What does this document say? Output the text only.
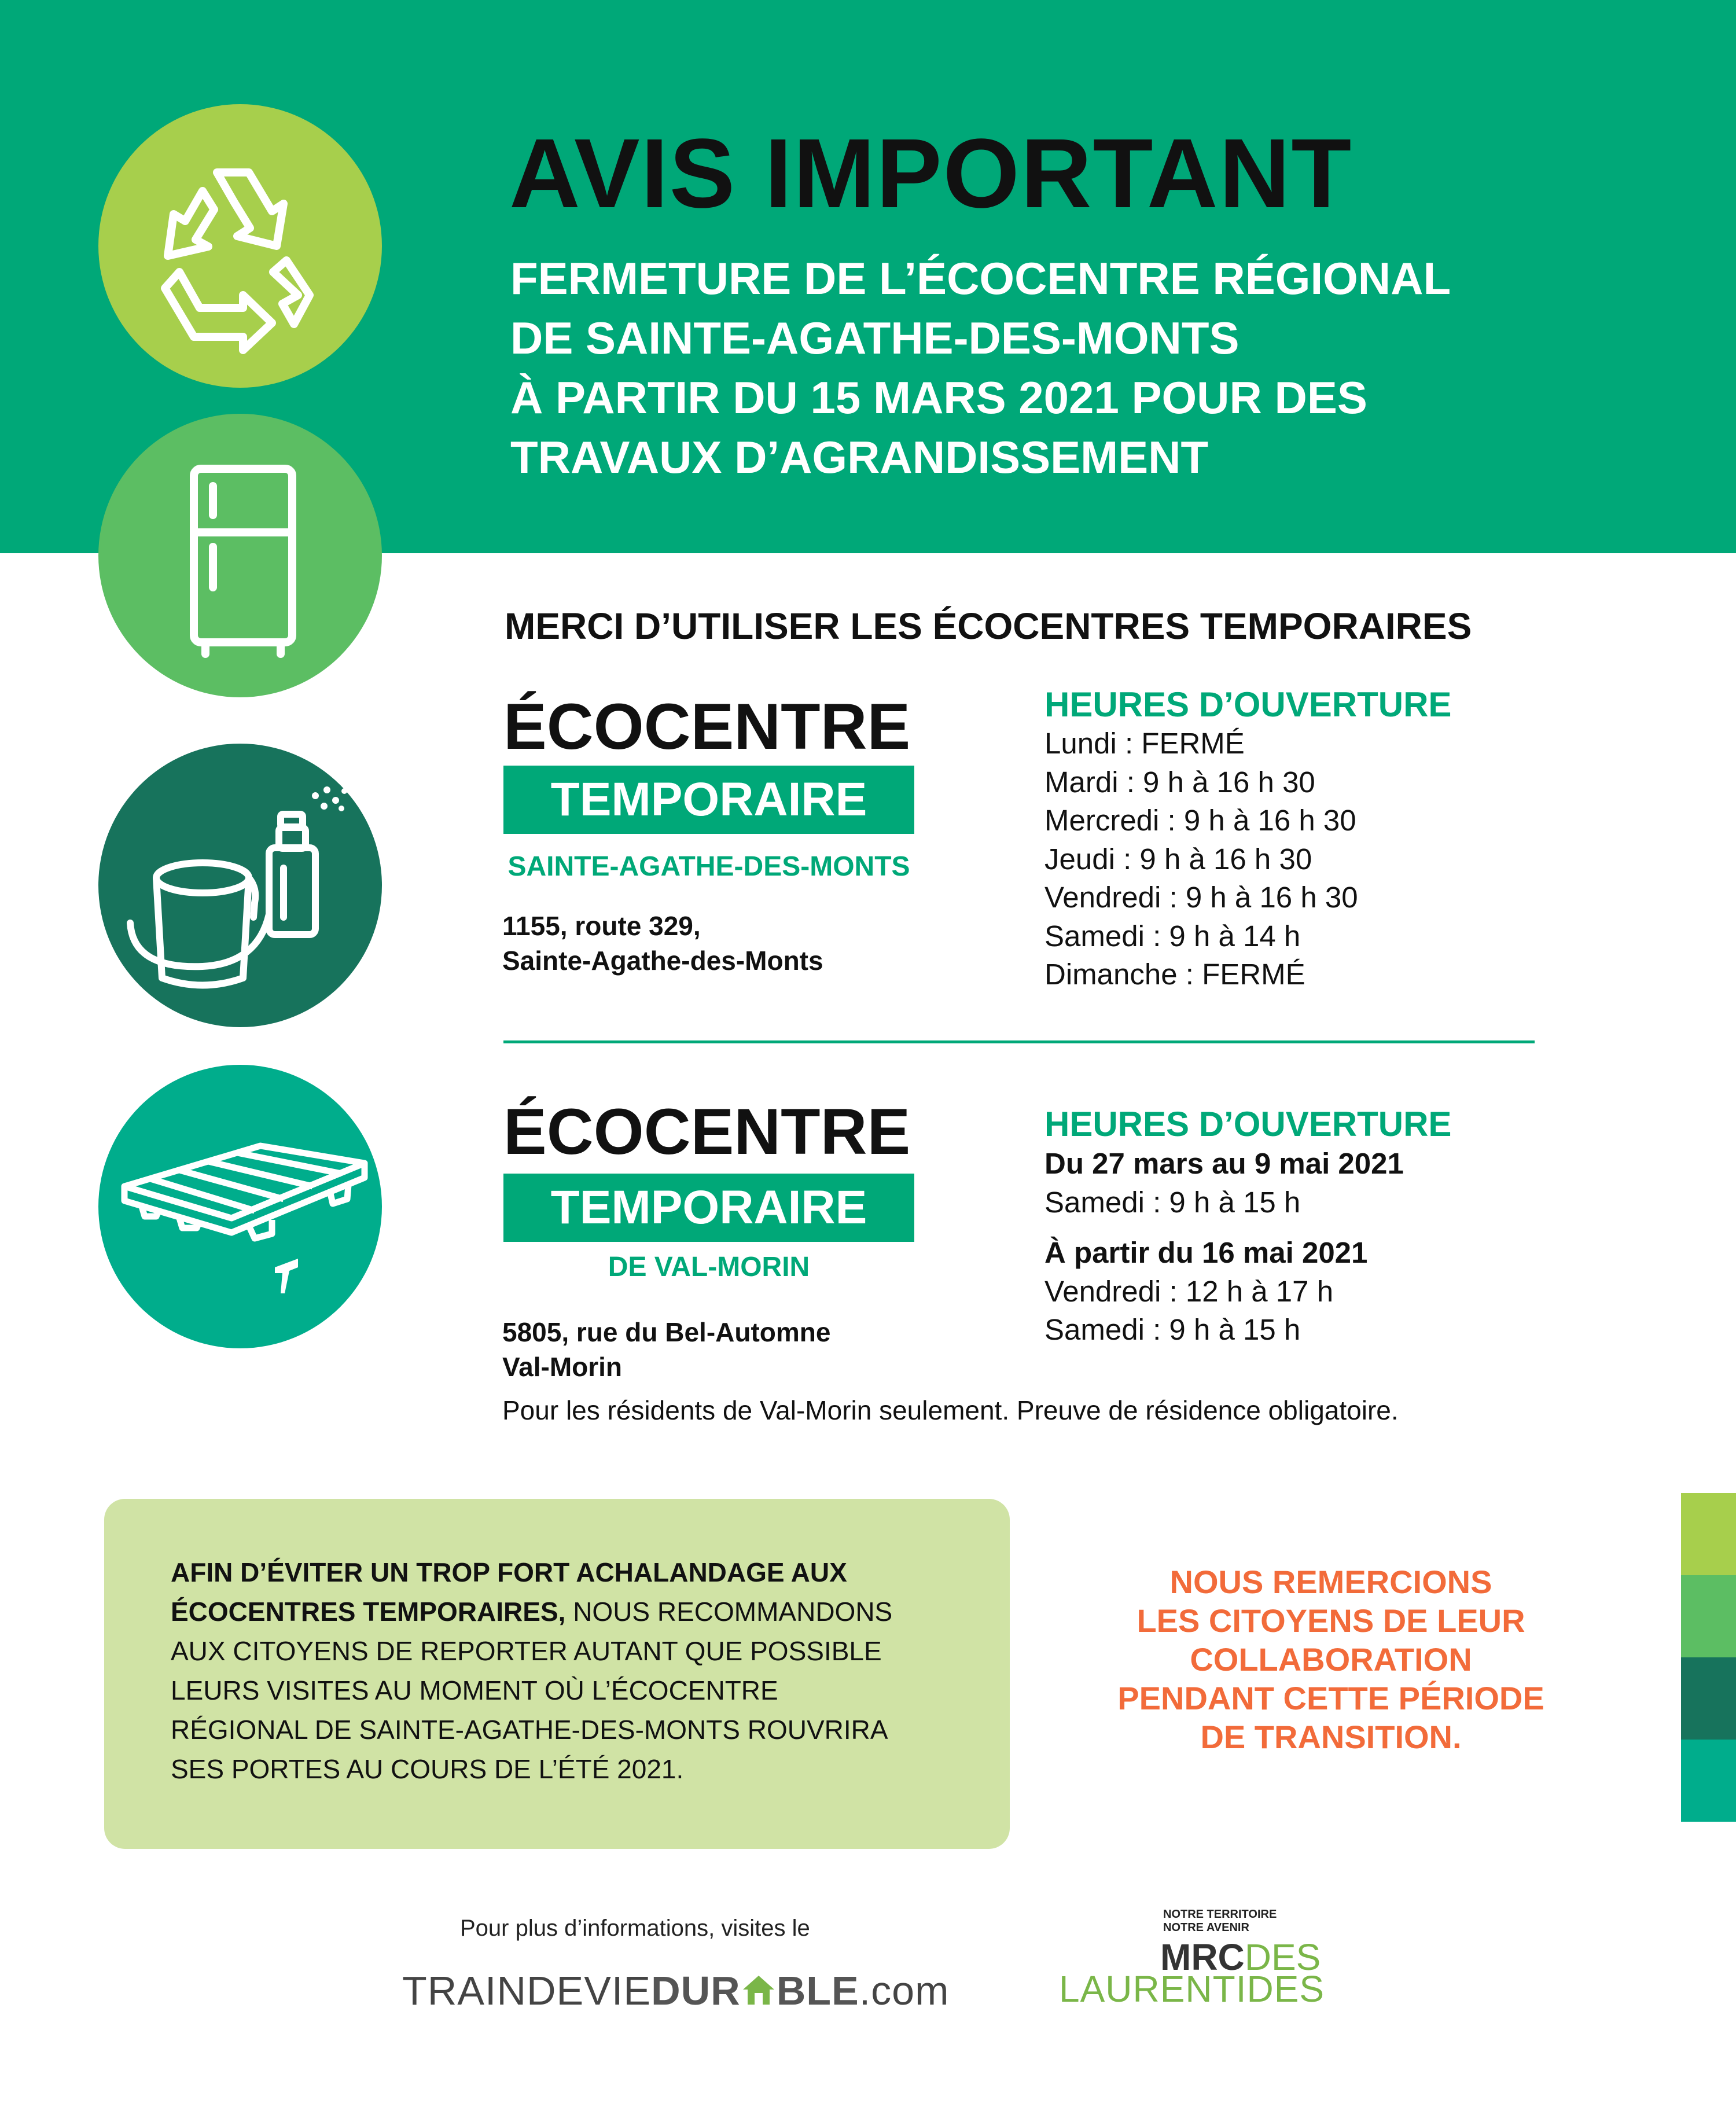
AVIS IMPORTANT
FERMETURE DE L’ÉCOCENTRE RÉGIONAL
DE SAINTE-AGATHE-DES-MONTS
À PARTIR DU 15 MARS 2021 POUR DES
TRAVAUX D’AGRANDISSEMENT
MERCI D’UTILISER LES ÉCOCENTRES TEMPORAIRES
ÉCOCENTRE
TEMPORAIRE
SAINTE-AGATHE-DES-MONTS
1155, route 329,
Sainte-Agathe-des-Monts
HEURES D’OUVERTURE
Lundi : FERMÉ
Mardi : 9 h à 16 h 30
Mercredi : 9 h à 16 h 30
Jeudi : 9 h à 16 h 30
Vendredi : 9 h à 16 h 30
Samedi : 9 h à 14 h
Dimanche : FERMÉ
ÉCOCENTRE
TEMPORAIRE
DE VAL-MORIN
5805, rue du Bel-Automne
Val-Morin
HEURES D’OUVERTURE
Du 27 mars au 9 mai 2021
Samedi : 9 h à 15 h
À partir du 16 mai 2021
Vendredi : 12 h à 17 h
Samedi : 9 h à 15 h
Pour les résidents de Val-Morin seulement. Preuve de résidence obligatoire.
AFIN D’ÉVITER UN TROP FORT ACHALANDAGE AUX
ÉCOCENTRES TEMPORAIRES, NOUS RECOMMANDONS
AUX CITOYENS DE REPORTER AUTANT QUE POSSIBLE
LEURS VISITES AU MOMENT OÙ L’ÉCOCENTRE
RÉGIONAL DE SAINTE-AGATHE-DES-MONTS ROUVRIRA
SES PORTES AU COURS DE L’ÉTÉ 2021.
NOUS REMERCIONS
LES CITOYENS DE LEUR
COLLABORATION
PENDANT CETTE PÉRIODE
DE TRANSITION.
Pour plus d’informations, visites le
TRAINDEVIEDUR BLE.com
NOTRE TERRITOIRE
NOTRE AVENIR
MRCDES
LAURENTIDES
